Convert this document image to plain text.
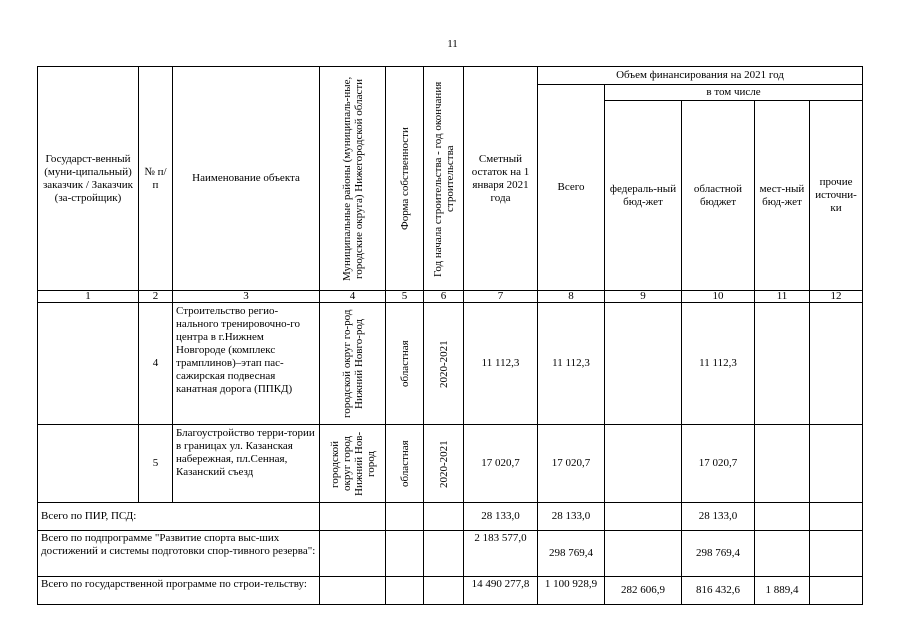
11
Государст-венный (муни-ципальный) заказчик / Заказчик (за-стройщик)	№ п/п	Наименование объекта	Муниципальные районы (муниципаль-ные, городские округа) Нижегородской области	Форма собственности	Год начала строительства - год окончания строительства	Сметный остаток на 1 января 2021 года	Объем финансирования на 2021 год				
							Всего	в том числе			
								федераль-ный бюд-жет	областной бюджет	мест-ный бюд-жет	прочие источни-ки
1	2	3	4	5	6	7	8	9	10	11	12
	4	Строительство регио-нального тренировочно-го центра в г.Нижнем Новгороде (комплекс трамплинов)–этап пас-сажирская подвесная канатная дорога (ППКД)	городской округ го-род Нижний Новго-род	областная	2020-2021	11 112,3	11 112,3		11 112,3		
	5	Благоустройство терри-тории в границах ул. Казанская набережная, пл.Сенная, Казанский съезд	городской округ город Нижний Нов-город	областная	2020-2021	17 020,7	17 020,7		17 020,7		
Всего по ПИР, ПСД:						28 133,0	28 133,0		28 133,0		
Всего по подпрограмме "Развитие спорта выс-ших достижений и системы подготовки спор-тивного резерва":						2 183 577,0	298 769,4		298 769,4		
Всего по государственной программе по строи-тельству:						14 490 277,8	1 100 928,9	282 606,9	816 432,6	1 889,4	
